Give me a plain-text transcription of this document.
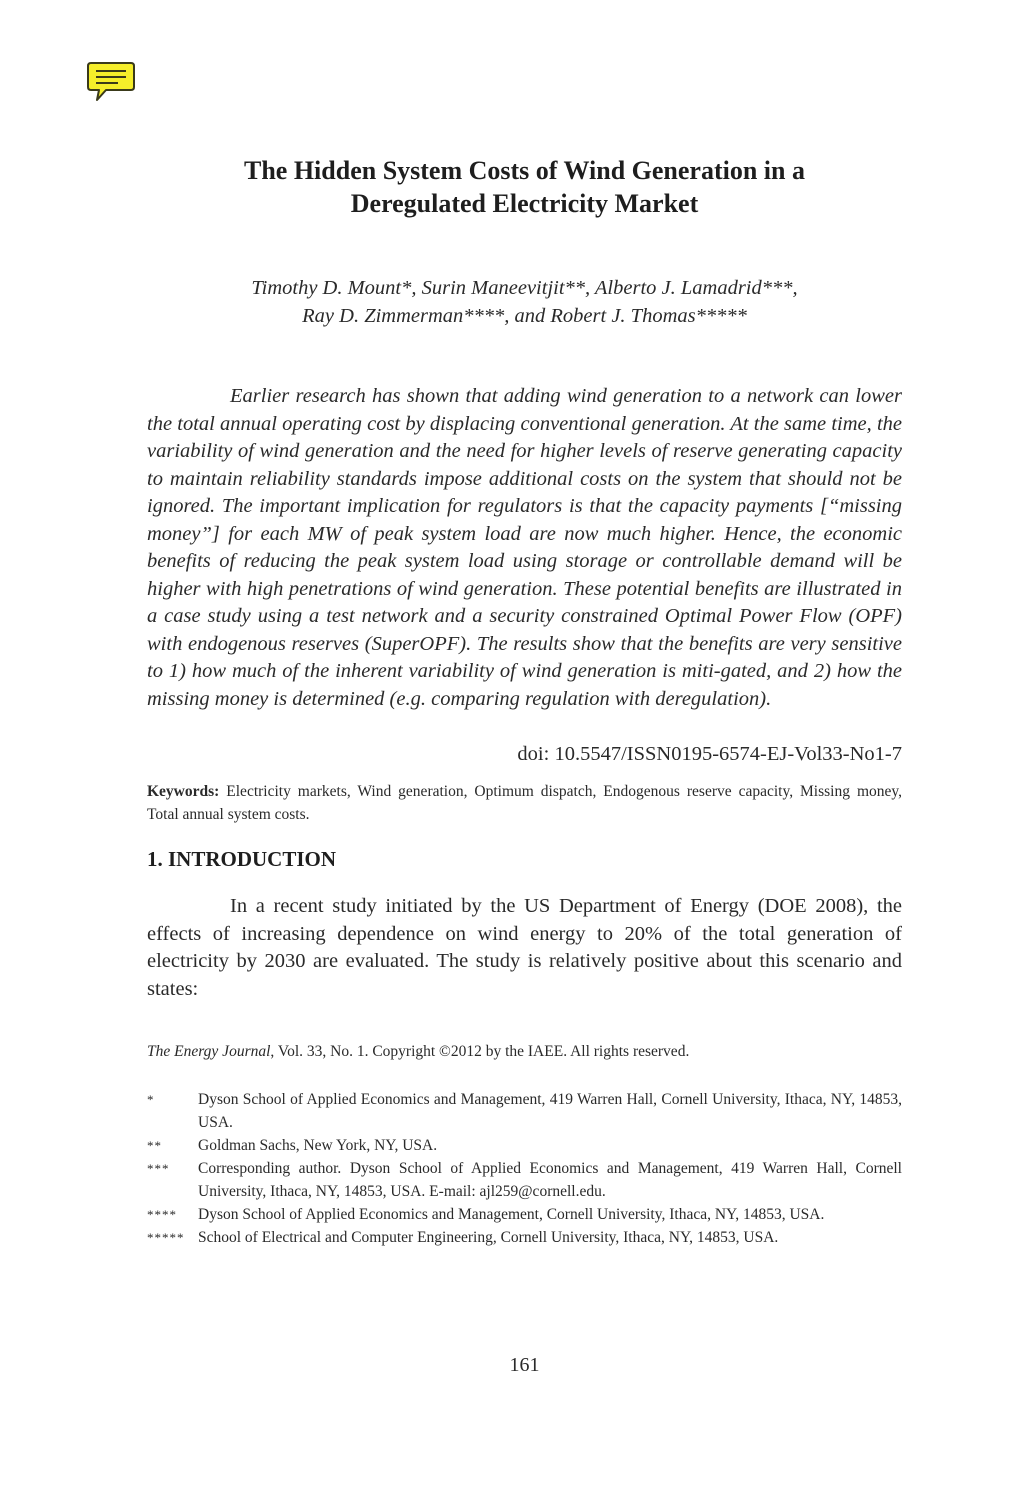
The Hidden System Costs of Wind Generation in a
Deregulated Electricity Market
Timothy D. Mount*, Surin Maneevitjit**, Alberto J. Lamadrid***,
Ray D. Zimmerman****, and Robert J. Thomas*****

Earlier research has shown that adding wind generation to a network can lower the total annual operating cost by displacing conventional generation. At the same time, the variability of wind generation and the need for higher levels of reserve generating capacity to maintain reliability standards impose additional costs on the system that should not be ignored. The important implication for regulators is that the capacity payments [“missing money”] for each MW of peak system load are now much higher. Hence, the economic benefits of reducing the peak system load using storage or controllable demand will be higher with high penetrations of wind generation. These potential benefits are illustrated in a case study using a test network and a security constrained Optimal Power Flow (OPF) with endogenous reserves (SuperOPF). The results show that the benefits are very sensitive to 1) how much of the inherent variability of wind generation is miti-gated, and 2) how the missing money is determined (e.g. comparing regulation with deregulation).

doi: 10.5547/ISSN0195-6574-EJ-Vol33-No1-7

Keywords: Electricity markets, Wind generation, Optimum dispatch, Endogenous reserve capacity, Missing money, Total annual system costs.

1. INTRODUCTION

In a recent study initiated by the US Department of Energy (DOE 2008), the effects of increasing dependence on wind energy to 20% of the total generation of electricity by 2030 are evaluated. The study is relatively positive about this scenario and states:

The Energy Journal, Vol. 33, No. 1. Copyright ©2012 by the IAEE. All rights reserved.
*	Dyson School of Applied Economics and Management, 419 Warren Hall, Cornell University, Ithaca, NY, 14853, USA.
**	Goldman Sachs, New York, NY, USA.
***	Corresponding author. Dyson School of Applied Economics and Management, 419 Warren Hall, Cornell University, Ithaca, NY, 14853, USA. E-mail: ajl259@cornell.edu.
****	Dyson School of Applied Economics and Management, Cornell University, Ithaca, NY, 14853, USA.
***** School of Electrical and Computer Engineering, Cornell University, Ithaca, NY, 14853, USA.
161
